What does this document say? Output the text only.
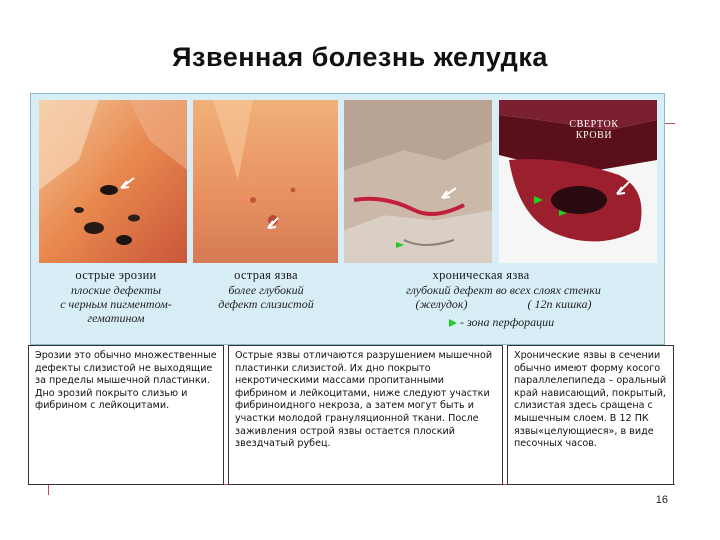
Язвенная болезнь желудка
острые эрозии
плоские дефекты
с черным пигментом-
гематином
острая язва
более глубокий
дефект слизистой
хроническая язва
глубокий дефект во всех слоях стенки
(желудок)                    ( 12п кишка)
- зона перфорации
СВЕРТОК
КРОВИ
Эрозии это обычно множественные дефекты слизистой не выходящие за пределы мышечной пластинки. Дно эрозий покрыто слизью и фибрином с лейкоцитами.
Острые язвы отличаются разрушением мышечной пластинки слизистой. Их дно покрыто некротическими массами пропитанными фибрином и лейкоцитами, ниже следуют участки фибриноидного некроза, а затем могут быть и участки молодой грануляционной ткани. После заживления острой язвы остается плоский звездчатый рубец.
Хронические язвы в сечении обычно имеют форму косого параллелепипеда – оральный край нависающий, покрытый, слизистая здесь сращена с мышечным слоем. В 12 ПК язвы«целующиеся», в виде песочных часов.
16
